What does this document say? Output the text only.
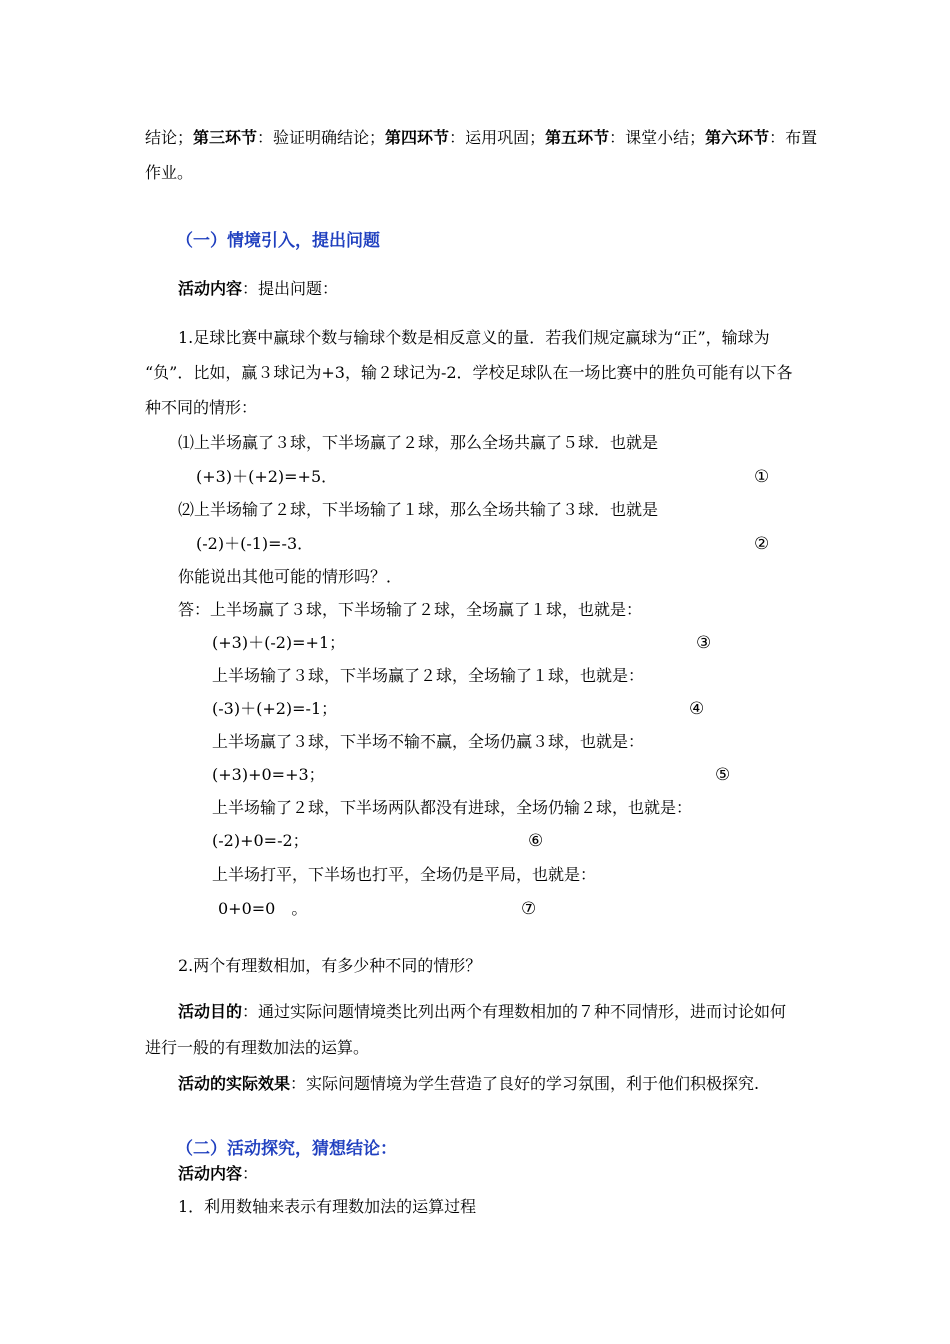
结论；第三环节：验证明确结论；第四环节：运用巩固；第五环节：课堂小结；第六环节：布置
作业。
（一）情境引入，提出问题
活动内容：提出问题：
1.足球比赛中赢球个数与输球个数是相反意义的量．若我们规定赢球为“正”，输球为
“负”．比如，赢３球记为+3，输２球记为-2．学校足球队在一场比赛中的胜负可能有以下各
种不同的情形：
⑴上半场赢了３球，下半场赢了２球，那么全场共赢了５球．也就是
(+3)＋(+2)=+5．	①
⑵上半场输了２球，下半场输了１球，那么全场共输了３球．也就是
(-2)＋(-1)=-3．	②
你能说出其他可能的情形吗？．
答：上半场赢了３球，下半场输了２球，全场赢了１球，也就是：
(+3)＋(-2)=+1；	③
上半场输了３球，下半场赢了２球，全场输了１球，也就是：
(-3)＋(+2)=-1；	④
上半场赢了３球，下半场不输不赢，全场仍赢３球，也就是：
(+3)+0=+3；	⑤
上半场输了２球，下半场两队都没有进球，全场仍输２球，也就是：
(-2)+0=-2；	⑥
上半场打平，下半场也打平，全场仍是平局，也就是：
0+0=0　。	⑦
2.两个有理数相加，有多少种不同的情形？
活动目的：通过实际问题情境类比列出两个有理数相加的７种不同情形，进而讨论如何
进行一般的有理数加法的运算。
活动的实际效果：实际问题情境为学生营造了良好的学习氛围，利于他们积极探究.
（二）活动探究，猜想结论：
活动内容：
1．利用数轴来表示有理数加法的运算过程
